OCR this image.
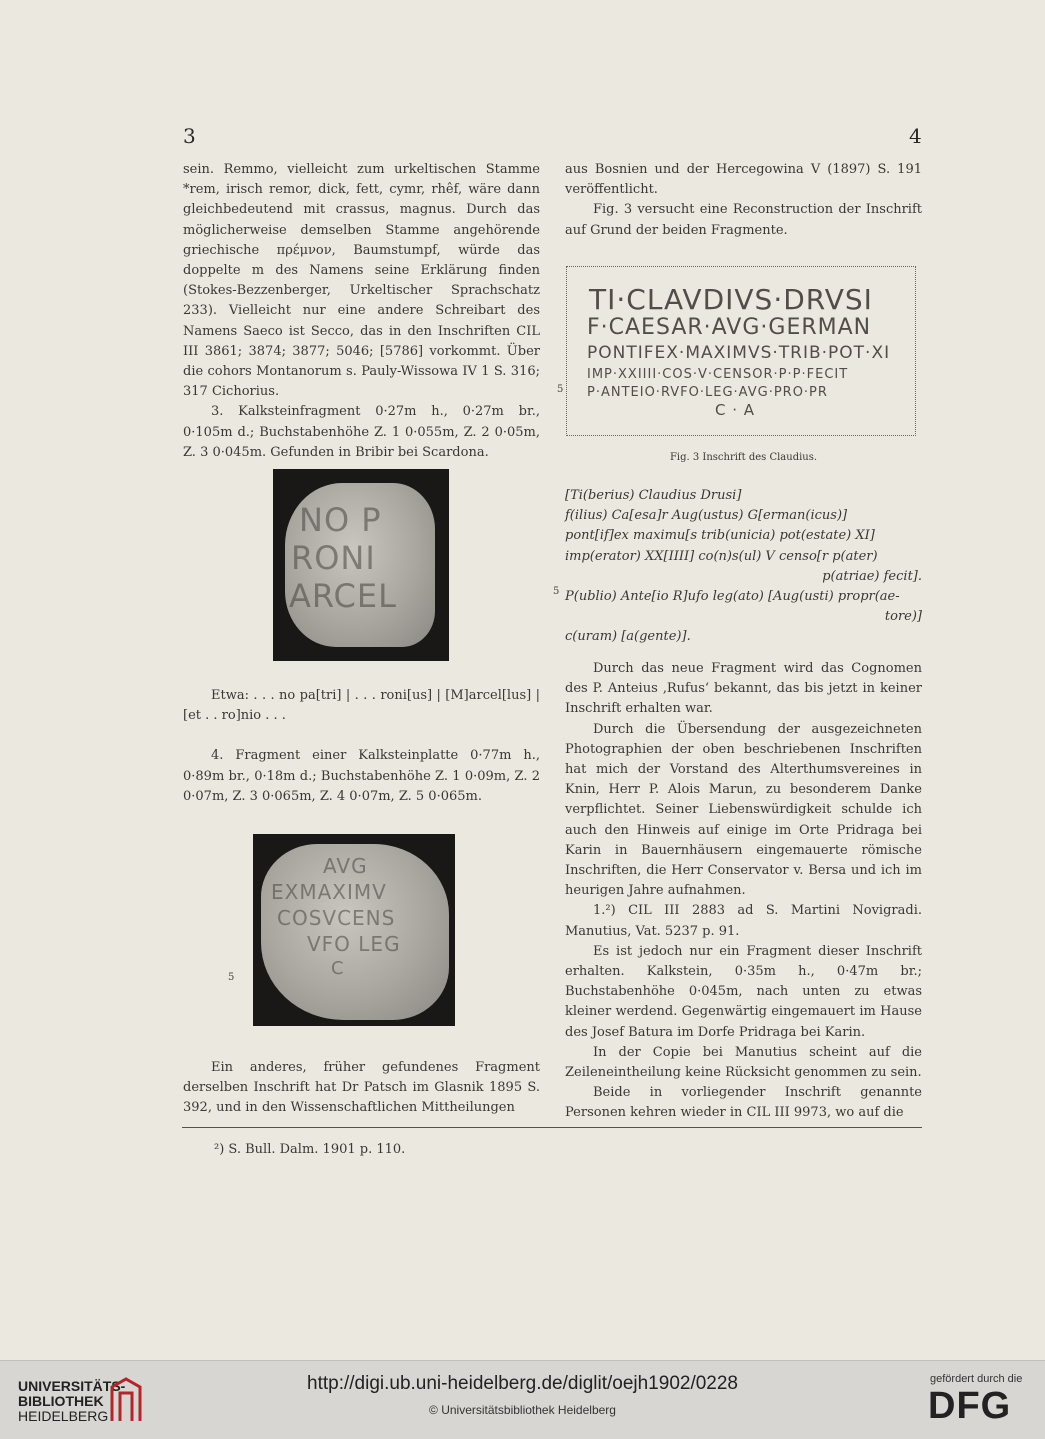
3	4

sein. Remmo, vielleicht zum urkeltischen Stamme *rem, irisch remor, dick, fett, cymr, rhêf, wäre dann gleichbedeutend mit crassus, magnus. Durch das möglicherweise demselben Stamme angehörende griechische πρέμνον, Baumstumpf, würde das doppelte m des Namens seine Erklärung finden (Stokes-Bezzenberger, Urkeltischer Sprachschatz 233). Vielleicht nur eine andere Schreibart des Namens Saeco ist Secco, das in den Inschriften CIL III 3861; 3874; 3877; 5046; [5786] vorkommt. Über die cohors Montanorum s. Pauly-Wissowa IV 1 S. 316; 317 Cichorius.

3. Kalksteinfragment 0·27m h., 0·27m br., 0·105m d.; Buchstabenhöhe Z. 1 0·055m, Z. 2 0·05m, Z. 3 0·045m. Gefunden in Bribir bei Scardona.

NO P
RONI
ARCEL

Etwa: . . . no pa[tri] | . . . roni[us] | [M]arcel[lus] | [et . . ro]nio . . .

4. Fragment einer Kalksteinplatte 0·77m h., 0·89m br., 0·18m d.; Buchstabenhöhe Z. 1 0·09m, Z. 2 0·07m, Z. 3 0·065m, Z. 4 0·07m, Z. 5 0·065m.

AVG
EXMAXIMV
COSVCENS
VFO LEG
C
5

Ein anderes, früher gefundenes Fragment derselben Inschrift hat Dr Patsch im Glasnik 1895 S. 392, und in den Wissenschaftlichen Mittheilungen

aus Bosnien und der Hercegowina V (1897) S. 191 veröffentlicht.

Fig. 3 versucht eine Reconstruction der Inschrift auf Grund der beiden Fragmente.

TI·CLAVDIVS·DRVSI
F·CAESAR·AVG·GERMAN
PONTIFEX·MAXIMVS·TRIB·POT·XI
IMP·XXIIII·COS·V·CENSOR·P·P·FECIT
P·ANTEIO·RVFO·LEG·AVG·PRO·PR
C · A
5
Fig. 3 Inschrift des Claudius.

[Ti(berius) Claudius Drusi]

f(ilius) Ca[esa]r Aug(ustus) G[erman(icus)]

pont[if]ex maximu[s trib(unicia) pot(estate) XI]

imp(erator) XX[IIII] co(n)s(ul) V censo[r p(ater)

p(atriae) fecit].

P(ublio) Ante[io R]ufo leg(ato) [Aug(usti) propr(ae-

tore)]

c(uram) [a(gente)].

5

Durch das neue Fragment wird das Cognomen des P. Anteius ‚Rufus‘ bekannt, das bis jetzt in keiner Inschrift erhalten war.

Durch die Übersendung der ausgezeichneten Photographien der oben beschriebenen Inschriften hat mich der Vorstand des Alterthumsvereines in Knin, Herr P. Alois Marun, zu besonderem Danke verpflichtet. Seiner Liebenswürdigkeit schulde ich auch den Hinweis auf einige im Orte Pridraga bei Karin in Bauernhäusern eingemauerte römische Inschriften, die Herr Conservator v. Bersa und ich im heurigen Jahre aufnahmen.

1.²) CIL III 2883 ad S. Martini Novigradi. Manutius, Vat. 5237 p. 91.

Es ist jedoch nur ein Fragment dieser Inschrift erhalten. Kalkstein, 0·35m h., 0·47m br.; Buchstabenhöhe 0·045m, nach unten zu etwas kleiner werdend. Gegenwärtig eingemauert im Hause des Josef Batura im Dorfe Pridraga bei Karin.

In der Copie bei Manutius scheint auf die Zeileneintheilung keine Rücksicht genommen zu sein.

Beide in vorliegender Inschrift genannte Personen kehren wieder in CIL III 9973, wo auf die

²) S. Bull. Dalm. 1901 p. 110.
UNIVERSITÄTS-
BIBLIOTHEK
HEIDELBERG
http://digi.ub.uni-heidelberg.de/diglit/oejh1902/0228
© Universitätsbibliothek Heidelberg
gefördert durch die
DFG
